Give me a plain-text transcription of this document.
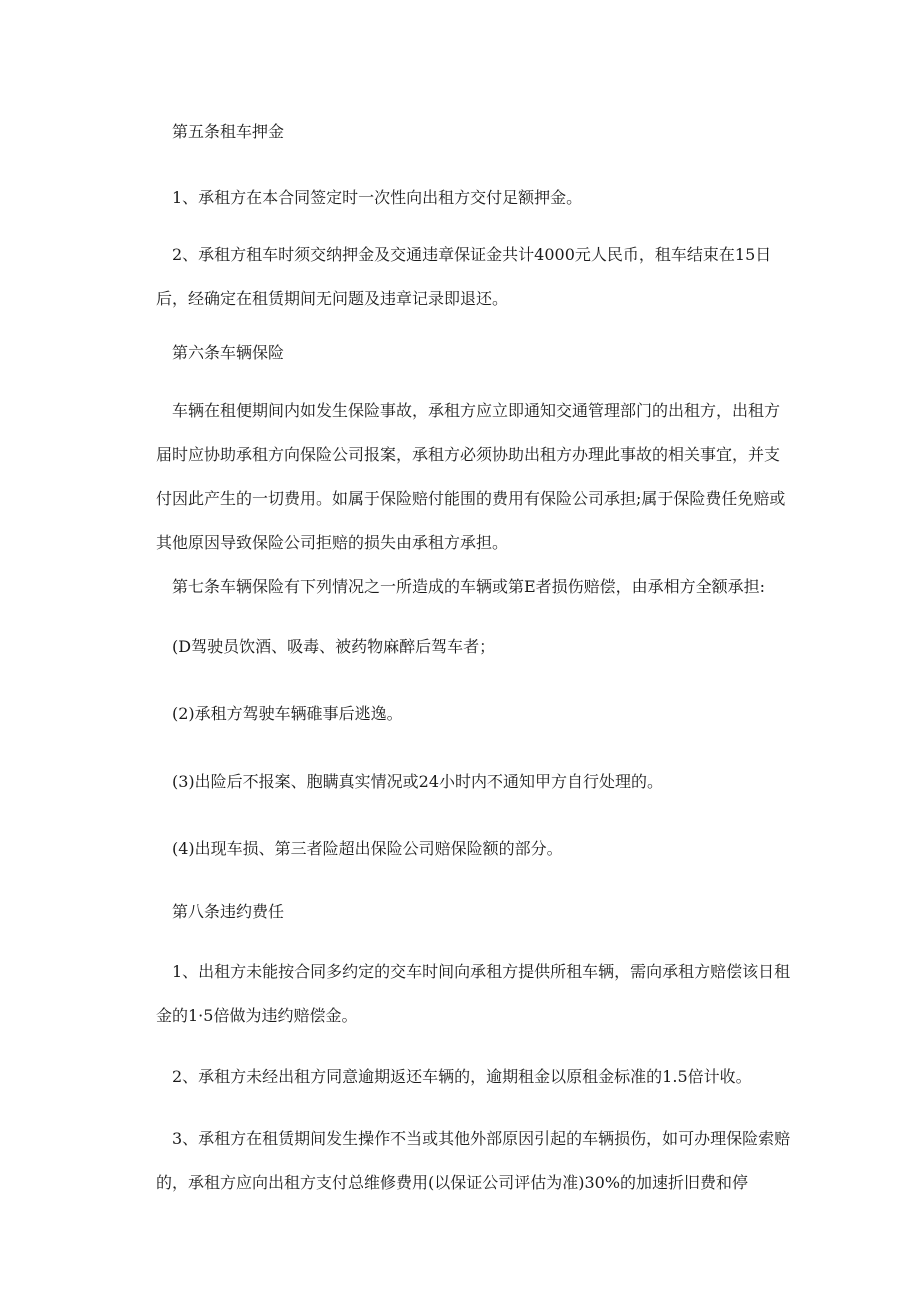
第五条租车押金

1、承租方在本合同签定时一次性向出租方交付足额押金。

2、承租方租车时须交纳押金及交通违章保证金共计4000元人民币，租车结束在15日后，经确定在租赁期间无问题及违章记录即退还。

第六条车辆保险

车辆在租便期间内如发生保险事故，承租方应立即通知交通管理部门的出租方，出租方届时应协助承租方向保险公司报案，承租方必须协助出租方办理此事故的相关事宜，并支付因此产生的一切费用。如属于保险赔付能围的费用有保险公司承担;属于保险费任免赔或其他原因导致保险公司拒赔的损失由承租方承担。

第七条车辆保险有下列情况之一所造成的车辆或第E者损伤赔偿，由承相方全额承担:

(D驾驶员饮酒、吸毒、被药物麻醉后驾车者；

(2)承租方驾驶车辆碓事后逃逸。

(3)出险后不报案、胞瞒真实情况或24小时内不通知甲方自行处理的。

(4)出现车损、第三者险超出保险公司赔保险额的部分。

第八条违约费任

1、出租方未能按合同多约定的交车时间向承租方提供所租车辆，需向承租方赔偿该日租金的1·5倍做为违约赔偿金。

2、承租方未经出租方同意逾期返还车辆的，逾期租金以原租金标准的1.5倍计收。

3、承租方在租赁期间发生操作不当或其他外部原因引起的车辆损伤，如可办理保险索赔的，承租方应向出租方支付总维修费用(以保证公司评估为准)30%的加速折旧费和停
